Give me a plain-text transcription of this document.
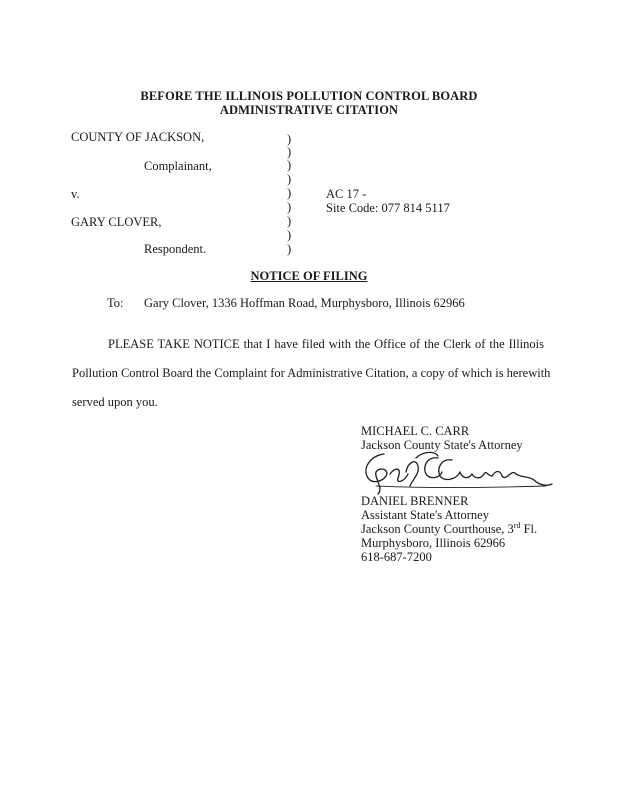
BEFORE THE ILLINOIS POLLUTION CONTROL BOARD
ADMINISTRATIVE CITATION
COUNTY OF JACKSON,
Complainant,
v.
GARY CLOVER,
Respondent.
)
)
)
)
)
)
)
)
)
AC 17 -
Site Code: 077 814 5117
NOTICE OF FILING
To: Gary Clover, 1336 Hoffman Road, Murphysboro, Illinois 62966
PLEASE TAKE NOTICE that I have filed with the Office of the Clerk of the Illinois
Pollution Control Board the Complaint for Administrative Citation, a copy of which is herewith
served upon you.
MICHAEL C. CARR
Jackson County State's Attorney
DANIEL BRENNER
Assistant State's Attorney
Jackson County Courthouse, 3rd Fl.
Murphysboro, Illinois 62966
618-687-7200
